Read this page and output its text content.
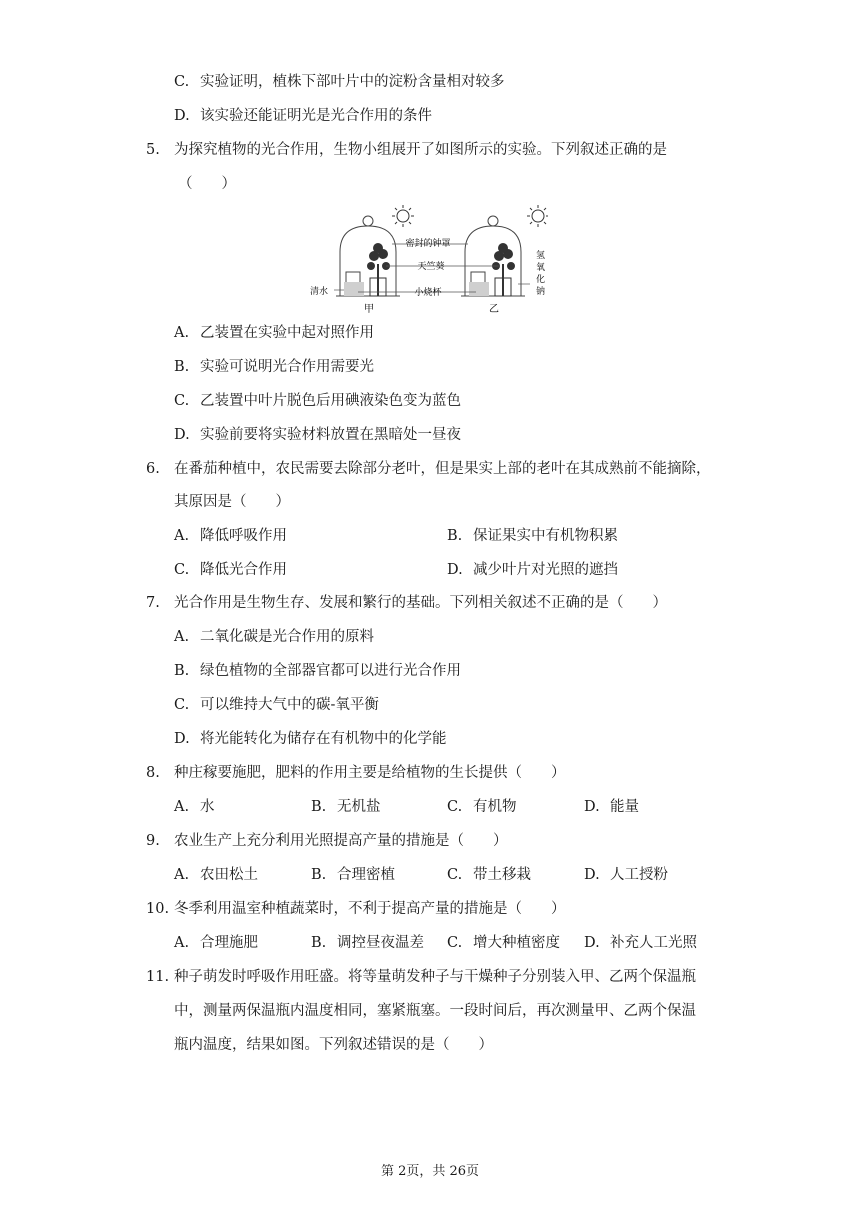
C. 实验证明，植株下部叶片中的淀粉含量相对较多
D. 该实验还能证明光是光合作用的条件
5. 为探究植物的光合作用，生物小组展开了如图所示的实验。下列叙述正确的是
（　　）
密封的钟罩
天竺葵
小烧杯
清水
氢
氧
化
钠
甲	乙
A. 乙装置在实验中起对照作用
B. 实验可说明光合作用需要光
C. 乙装置中叶片脱色后用碘液染色变为蓝色
D. 实验前要将实验材料放置在黑暗处一昼夜
6. 在番茄种植中，农民需要去除部分老叶，但是果实上部的老叶在其成熟前不能摘除，
其原因是（　　）
A. 降低呼吸作用	B. 保证果实中有机物积累
C. 降低光合作用	D. 减少叶片对光照的遮挡
7. 光合作用是生物生存、发展和繁行的基础。下列相关叙述不正确的是（　　）
A. 二氧化碳是光合作用的原料
B. 绿色植物的全部器官都可以进行光合作用
C. 可以维持大气中的碳-氧平衡
D. 将光能转化为储存在有机物中的化学能
8. 种庄稼要施肥，肥料的作用主要是给植物的生长提供（　　）
A. 水	B. 无机盐	C. 有机物	D. 能量
9. 农业生产上充分利用光照提高产量的措施是（　　）
A. 农田松土	B. 合理密植	C. 带土移栽	D. 人工授粉
10. 冬季利用温室种植蔬菜时，不利于提高产量的措施是（　　）
A. 合理施肥	B. 调控昼夜温差 C. 增大种植密度 D. 补充人工光照
11. 种子萌发时呼吸作用旺盛。将等量萌发种子与干燥种子分别装入甲、乙两个保温瓶
中，测量两保温瓶内温度相同，塞紧瓶塞。一段时间后，再次测量甲、乙两个保温
瓶内温度，结果如图。下列叙述错误的是（　　）
第 2页，共 26页
